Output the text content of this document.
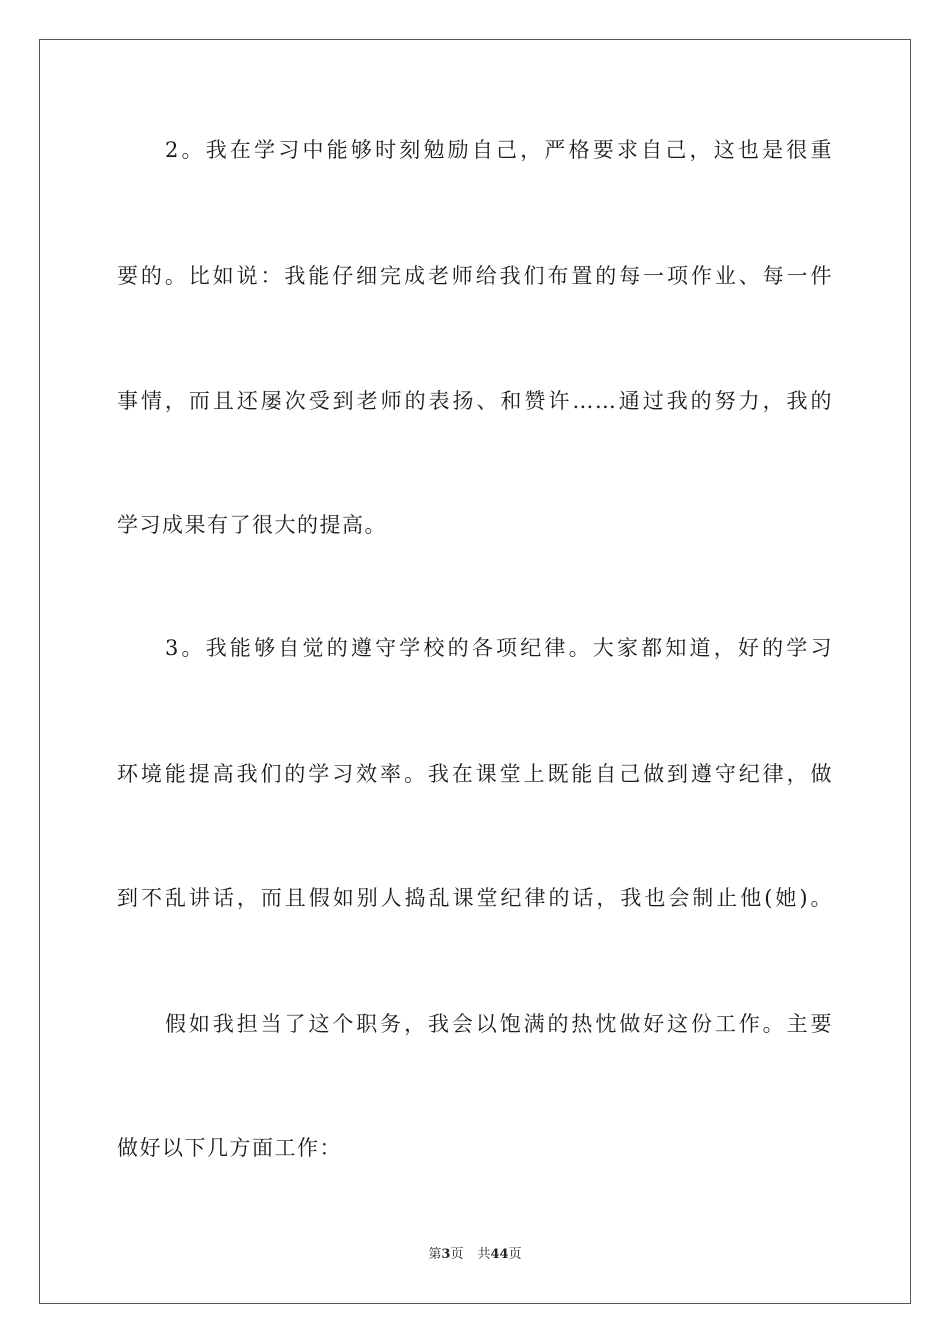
2。我在学习中能够时刻勉励自己，严格要求自己，这也是很重
要的。比如说：我能仔细完成老师给我们布置的每一项作业、每一件
事情，而且还屡次受到老师的表扬、和赞许……通过我的努力，我的
学习成果有了很大的提高。
3。我能够自觉的遵守学校的各项纪律。大家都知道，好的学习
环境能提高我们的学习效率。我在课堂上既能自己做到遵守纪律，做
到不乱讲话，而且假如别人捣乱课堂纪律的话，我也会制止他(她)。
假如我担当了这个职务，我会以饱满的热忱做好这份工作。主要
做好以下几方面工作：
第3页 共44页
